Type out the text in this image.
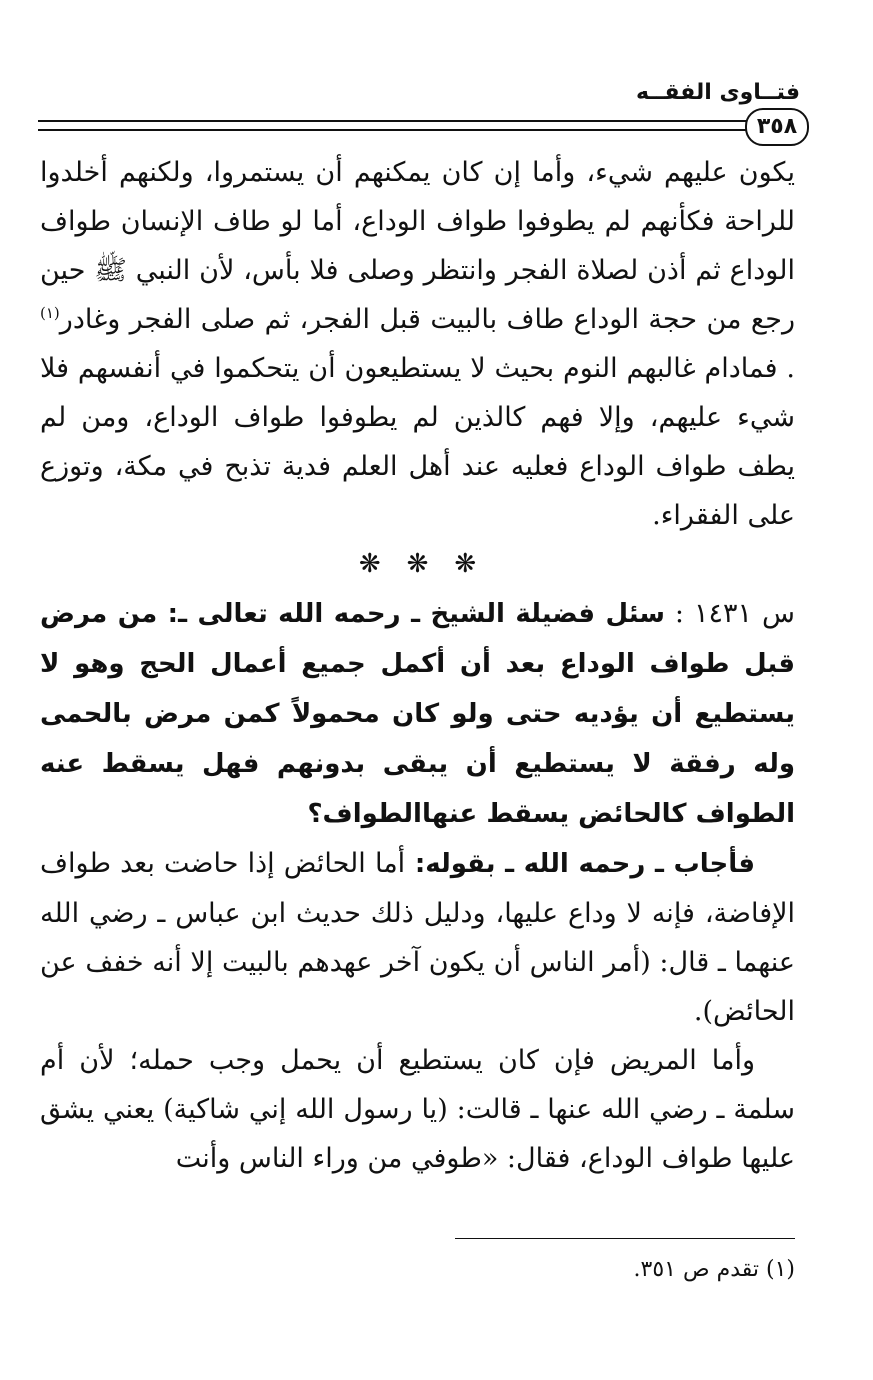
فتــاوى الفقــه
٣٥٨

يكون عليهم شيء، وأما إن كان يمكنهم أن يستمروا، ولكنهم أخلدوا للراحة فكأنهم لم يطوفوا طواف الوداع، أما لو طاف الإنسان طواف الوداع ثم أذن لصلاة الفجر وانتظر وصلى فلا بأس، لأن النبي ﷺ حين رجع من حجة الوداع طاف بالبيت قبل الفجر، ثم صلى الفجر وغادر$^{(١)}$ . فمادام غالبهم النوم بحيث لا يستطيعون أن يتحكموا في أنفسهم فلا شيء عليهم، وإلا فهم كالذين لم يطوفوا طواف الوداع، ومن لم يطف طواف الوداع فعليه عند أهل العلم فدية تذبح في مكة، وتوزع على الفقراء.

❋❋❋

س ١٤٣١ : سئل فضيلة الشيخ ـ رحمه الله تعالى ـ: من مرض قبل طواف الوداع بعد أن أكمل جميع أعمال الحج وهو لا يستطيع أن يؤديه حتى ولو كان محمولاً كمن مرض بالحمى وله رفقة لا يستطيع أن يبقى بدونهم فهل يسقط عنه الطواف كالحائض يسقط عنهاالطواف؟

فأجاب ـ رحمه الله ـ بقوله: أما الحائض إذا حاضت بعد طواف الإفاضة، فإنه لا وداع عليها، ودليل ذلك حديث ابن عباس ـ رضي الله عنهما ـ قال: (أمر الناس أن يكون آخر عهدهم بالبيت إلا أنه خفف عن الحائض).

وأما المريض فإن كان يستطيع أن يحمل وجب حمله؛ لأن أم سلمة ـ رضي الله عنها ـ قالت: (يا رسول الله إني شاكية) يعني يشق عليها طواف الوداع، فقال: «طوفي من وراء الناس وأنت

(١) تقدم ص ٣٥١.
